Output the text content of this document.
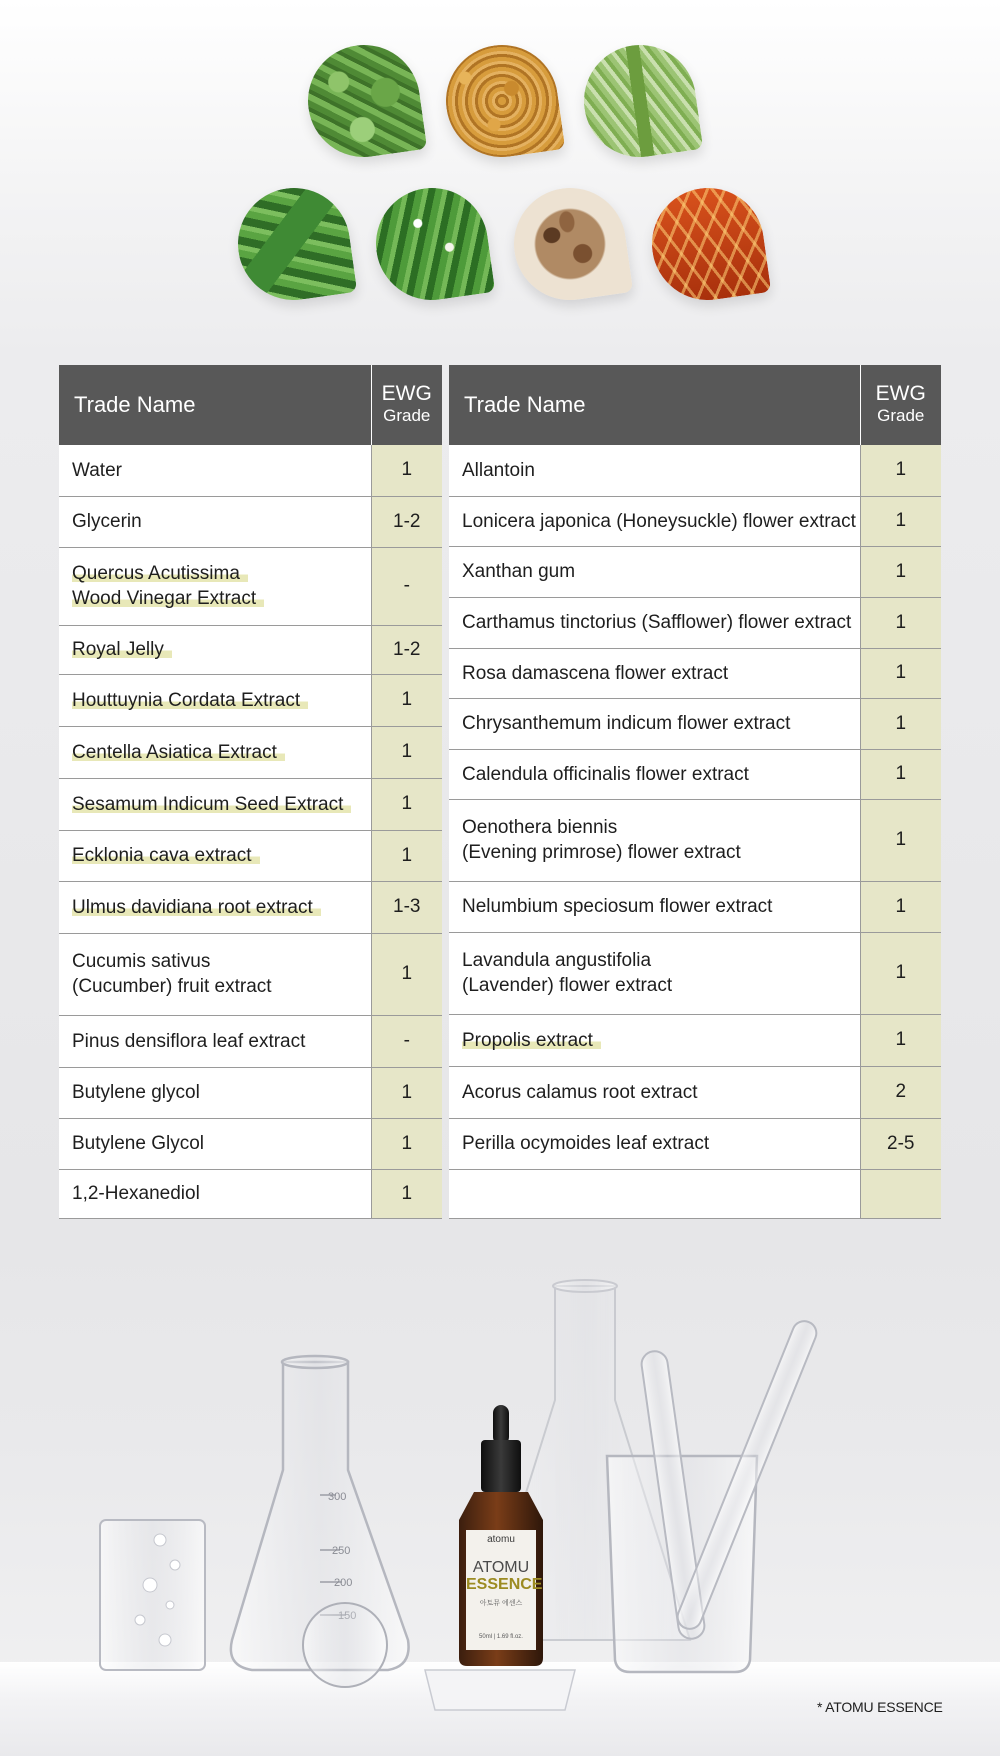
Trade Name	EWG
Grade

Water	1
Glycerin	1-2
Quercus Acutissima
Wood Vinegar Extract	-
Royal Jelly	1-2
Houttuynia Cordata Extract	1
Centella Asiatica Extract	1
Sesamum Indicum Seed Extract	1
Ecklonia cava extract	1
Ulmus davidiana root extract	1-3
Cucumis sativus
(Cucumber) fruit extract	1
Pinus densiflora leaf extract	-
Butylene glycol	1
Butylene Glycol	1
1,2-Hexanediol	1
Trade Name	EWG
Grade

Allantoin	1
Lonicera japonica (Honeysuckle) flower extract	1
Xanthan gum	1
Carthamus tinctorius (Safflower) flower extract	1
Rosa damascena flower extract	1
Chrysanthemum indicum flower extract	1
Calendula officinalis flower extract	1
Oenothera biennis
(Evening primrose) flower extract	1
Nelumbium speciosum flower extract	1
Lavandula angustifolia
(Lavender) flower extract	1
Propolis extract	1
Acorus calamus root extract	2
Perilla ocymoides leaf extract	2-5

300
250
200
atomu
ATOMU
ESSENCE
아토뮤 에센스
50ml | 1.69 fl.oz.
* ATOMU ESSENCE
